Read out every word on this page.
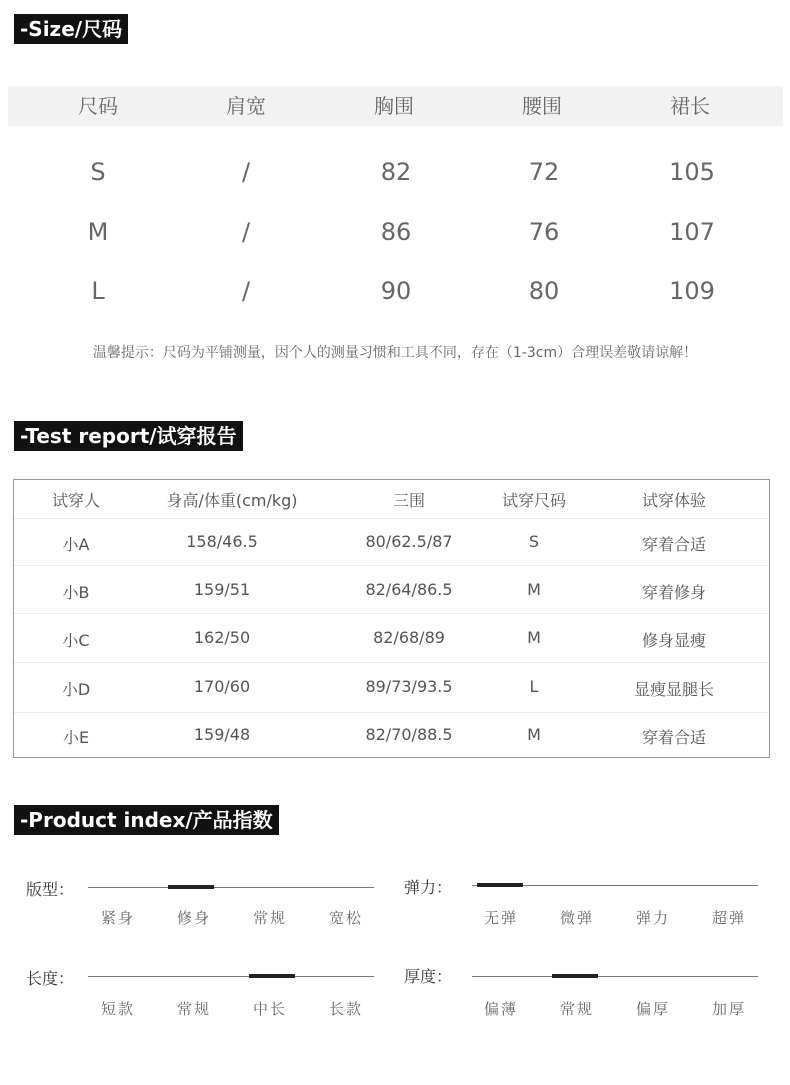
-Size/尺码
尺码	肩宽	胸围	腰围	裙长
S	/	82	72	105
M	/	86	76	107
L	/	90	80	109
温馨提示：尺码为平铺测量，因个人的测量习惯和工具不同，存在（1-3cm）合理误差敬请谅解！
-Test report/试穿报告
试穿人	身高/体重(cm/kg)	三围	试穿尺码	试穿体验
小A	158/46.5	80/62.5/87	S	穿着合适
小B	159/51	82/64/86.5	M	穿着修身
小C	162/50	82/68/89	M	修身显瘦
小D	170/60	89/73/93.5	L	显瘦显腿长
小E	159/48	82/70/88.5	M	穿着合适
-Product index/产品指数
版型：
紧身	修身	常规	宽松
弹力：
无弹	微弹	弹力	超弹
长度：
短款	常规	中长	长款
厚度：
偏薄	常规	偏厚	加厚
